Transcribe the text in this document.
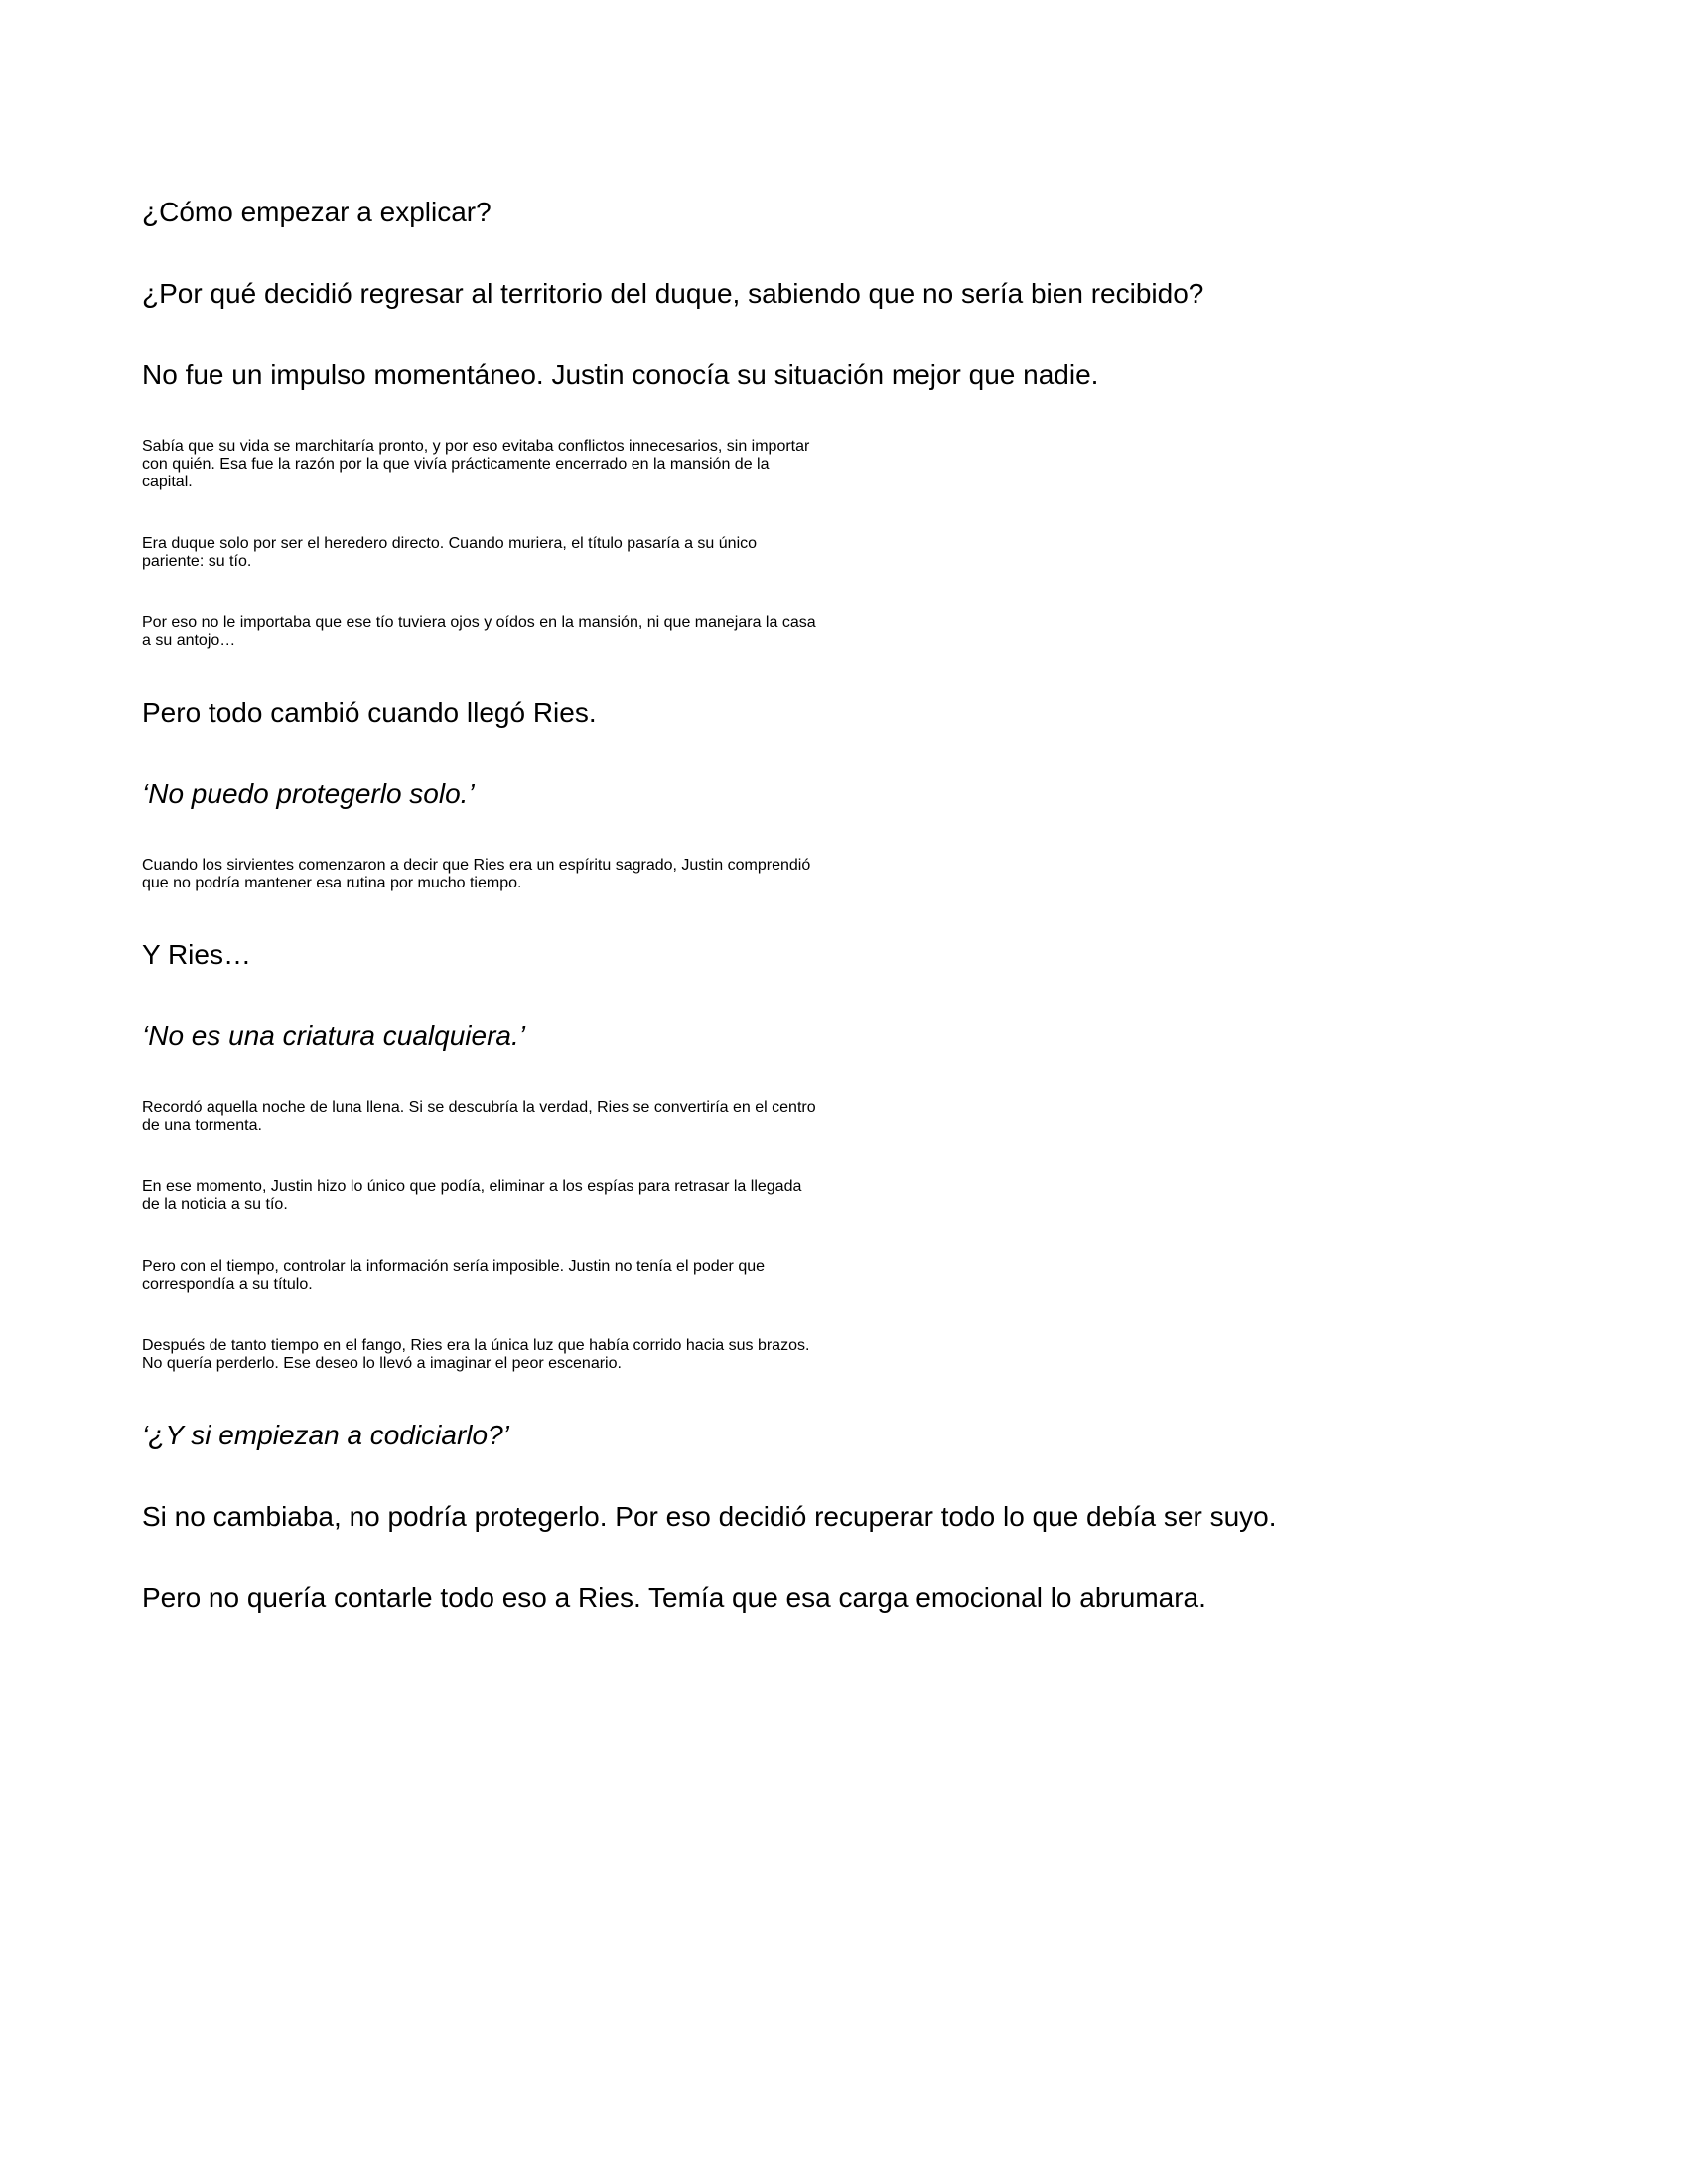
¿Cómo empezar a explicar?

¿Por qué decidió regresar al territorio del duque, sabiendo que no sería bien recibido?

No fue un impulso momentáneo. Justin conocía su situación mejor que nadie.

Sabía que su vida se marchitaría pronto, y por eso evitaba conflictos innecesarios, sin importar
con quién. Esa fue la razón por la que vivía prácticamente encerrado en la mansión de la
capital.

Era duque solo por ser el heredero directo. Cuando muriera, el título pasaría a su único
pariente: su tío.

Por eso no le importaba que ese tío tuviera ojos y oídos en la mansión, ni que manejara la casa
a su antojo…

Pero todo cambió cuando llegó Ries.

‘No puedo protegerlo solo.’

Cuando los sirvientes comenzaron a decir que Ries era un espíritu sagrado, Justin comprendió
que no podría mantener esa rutina por mucho tiempo.

Y Ries…

‘No es una criatura cualquiera.’

Recordó aquella noche de luna llena. Si se descubría la verdad, Ries se convertiría en el centro
de una tormenta.

En ese momento, Justin hizo lo único que podía, eliminar a los espías para retrasar la llegada
de la noticia a su tío.

Pero con el tiempo, controlar la información sería imposible. Justin no tenía el poder que
correspondía a su título.

Después de tanto tiempo en el fango, Ries era la única luz que había corrido hacia sus brazos.
No quería perderlo. Ese deseo lo llevó a imaginar el peor escenario.

‘¿Y si empiezan a codiciarlo?’

Si no cambiaba, no podría protegerlo. Por eso decidió recuperar todo lo que debía ser suyo.

Pero no quería contarle todo eso a Ries. Temía que esa carga emocional lo abrumara.
